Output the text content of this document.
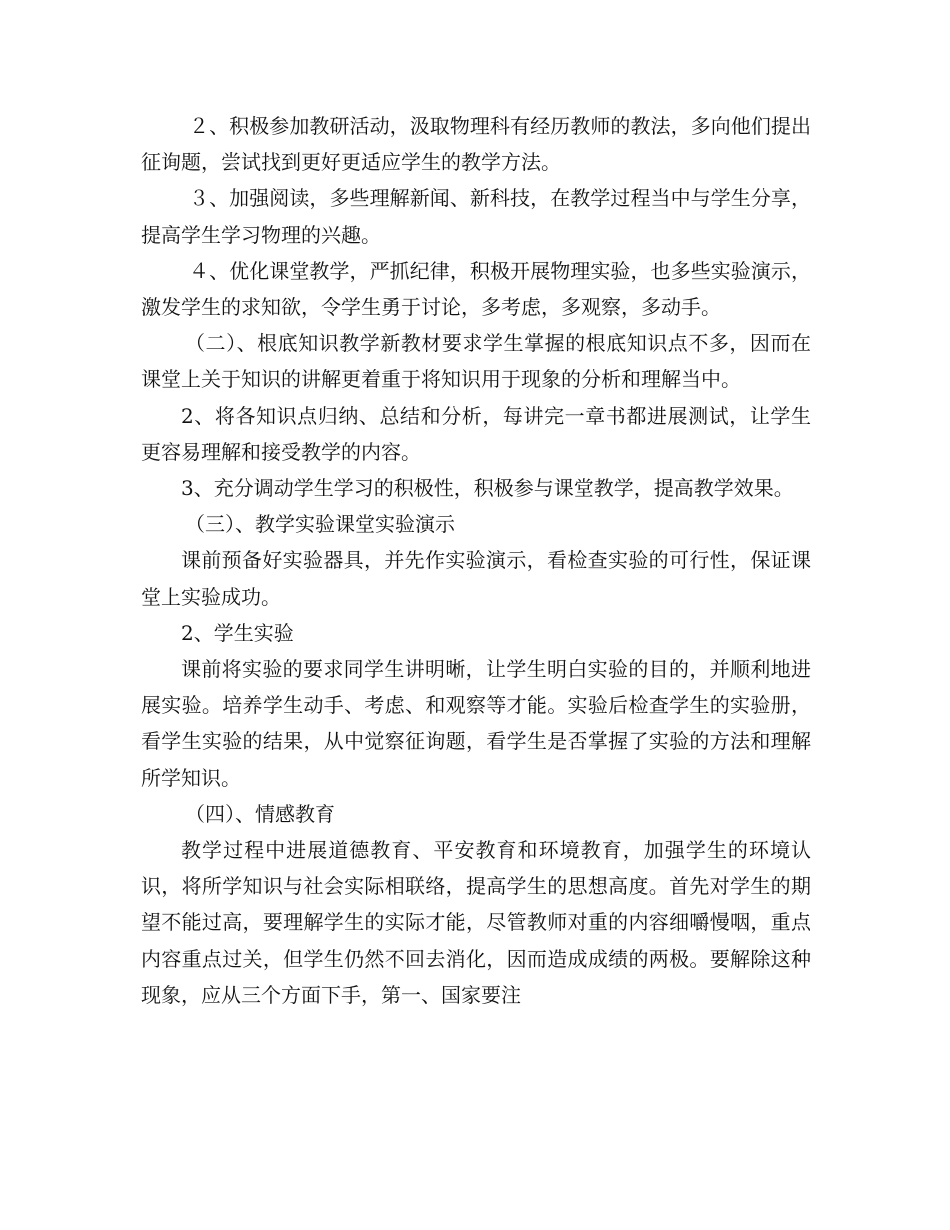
２、积极参加教研活动，汲取物理科有经历教师的教法，多向他们提出征询题，尝试找到更好更适应学生的教学方法。

３、加强阅读，多些理解新闻、新科技，在教学过程当中与学生分享，提高学生学习物理的兴趣。

４、优化课堂教学，严抓纪律，积极开展物理实验，也多些实验演示，激发学生的求知欲，令学生勇于讨论，多考虑，多观察，多动手。

（二）、根底知识教学新教材要求学生掌握的根底知识点不多，因而在课堂上关于知识的讲解更着重于将知识用于现象的分析和理解当中。

2、将各知识点归纳、总结和分析，每讲完一章书都进展测试，让学生更容易理解和接受教学的内容。

3、充分调动学生学习的积极性，积极参与课堂教学，提高教学效果。

（三）、教学实验课堂实验演示

课前预备好实验器具，并先作实验演示，看检查实验的可行性，保证课堂上实验成功。

2、学生实验

课前将实验的要求同学生讲明晰，让学生明白实验的目的，并顺利地进展实验。培养学生动手、考虑、和观察等才能。实验后检查学生的实验册，看学生实验的结果，从中觉察征询题，看学生是否掌握了实验的方法和理解所学知识。

（四）、情感教育

教学过程中进展道德教育、平安教育和环境教育，加强学生的环境认识，将所学知识与社会实际相联络，提高学生的思想高度。首先对学生的期望不能过高，要理解学生的实际才能，尽管教师对重的内容细嚼慢咽，重点内容重点过关，但学生仍然不回去消化，因而造成成绩的两极。要解除这种现象，应从三个方面下手，第一、国家要注
